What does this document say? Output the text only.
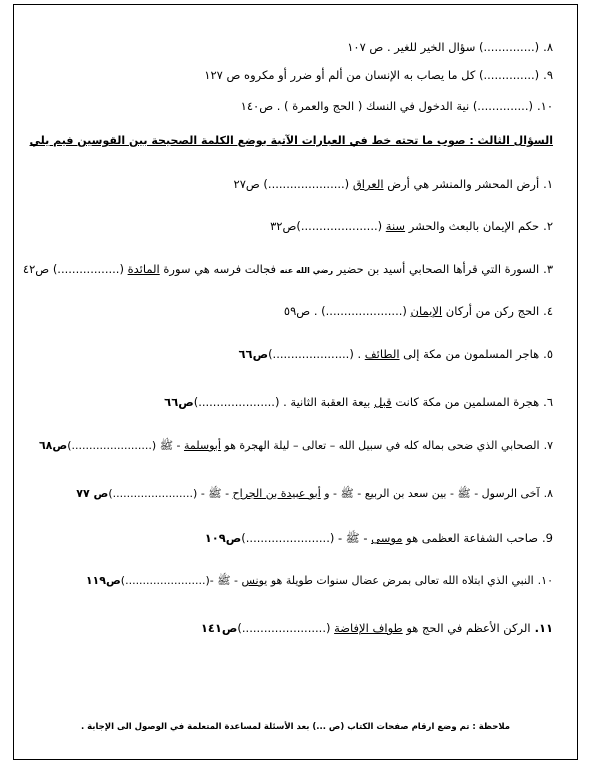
٨.(..............) سؤال الخير للغير . ص ١٠٧
٩.(..............) كل ما يصاب به الإنسان من ألم أو ضرر أو مكروه ص ١٢٧
١٠.(..............) نية الدخول في النسك ( الحج والعمرة ) . ص١٤٠
السؤال الثالث : صوب ما تحته خط في العبارات الآتية بوضع الكلمة الصحيحة بين القوسين فيم يلي
١.أرض المحشر والمنشر هي أرض العراق (.....................) ص٢٧
٢.حكم الإيمان بالبعث والحشر سنة (.....................)ص٣٢
٣.السورة التي قرأها الصحابي أسيد بن حضير رضي الله عنه فجالت فرسه هي سورة المائدة (.................) ص٤٢
٤.الحج ركن من أركان الإيمان (.....................) . ص٥٩
٥.هاجر المسلمون من مكة إلى الطائف . (.....................)ص٦٦
٦.هجرة المسلمين من مكة كانت قبل بيعة العقبة الثانية . (.....................)ص٦٦
٧.الصحابي الذي ضحى بماله كله في سبيل الله – تعالى – ليلة الهجرة هو أبوسلمة - ﷺ (.......................)ص٦٨
٨.آخى الرسول - ﷺ - بين سعد بن الربيع - ﷺ - و أبو عبيدة بن الجراح - ﷺ - (.......................)ص ٧٧
9.صاحب الشفاعة العظمى هو موسى - ﷺ - (.......................)ص١٠٩
١٠.النبي الذي ابتلاه الله تعالى بمرض عضال سنوات طويلة هو يونس - ﷺ -(.......................)ص١١٩
١١.الركن الأعظم في الحج هو طواف الإفاضة (.......................)ص١٤١
ملاحظة : تم وضع ارقام صفحات الكتاب (ص ...) بعد الأسئلة لمساعدة المتعلمة في الوصول الى الإجابة .
